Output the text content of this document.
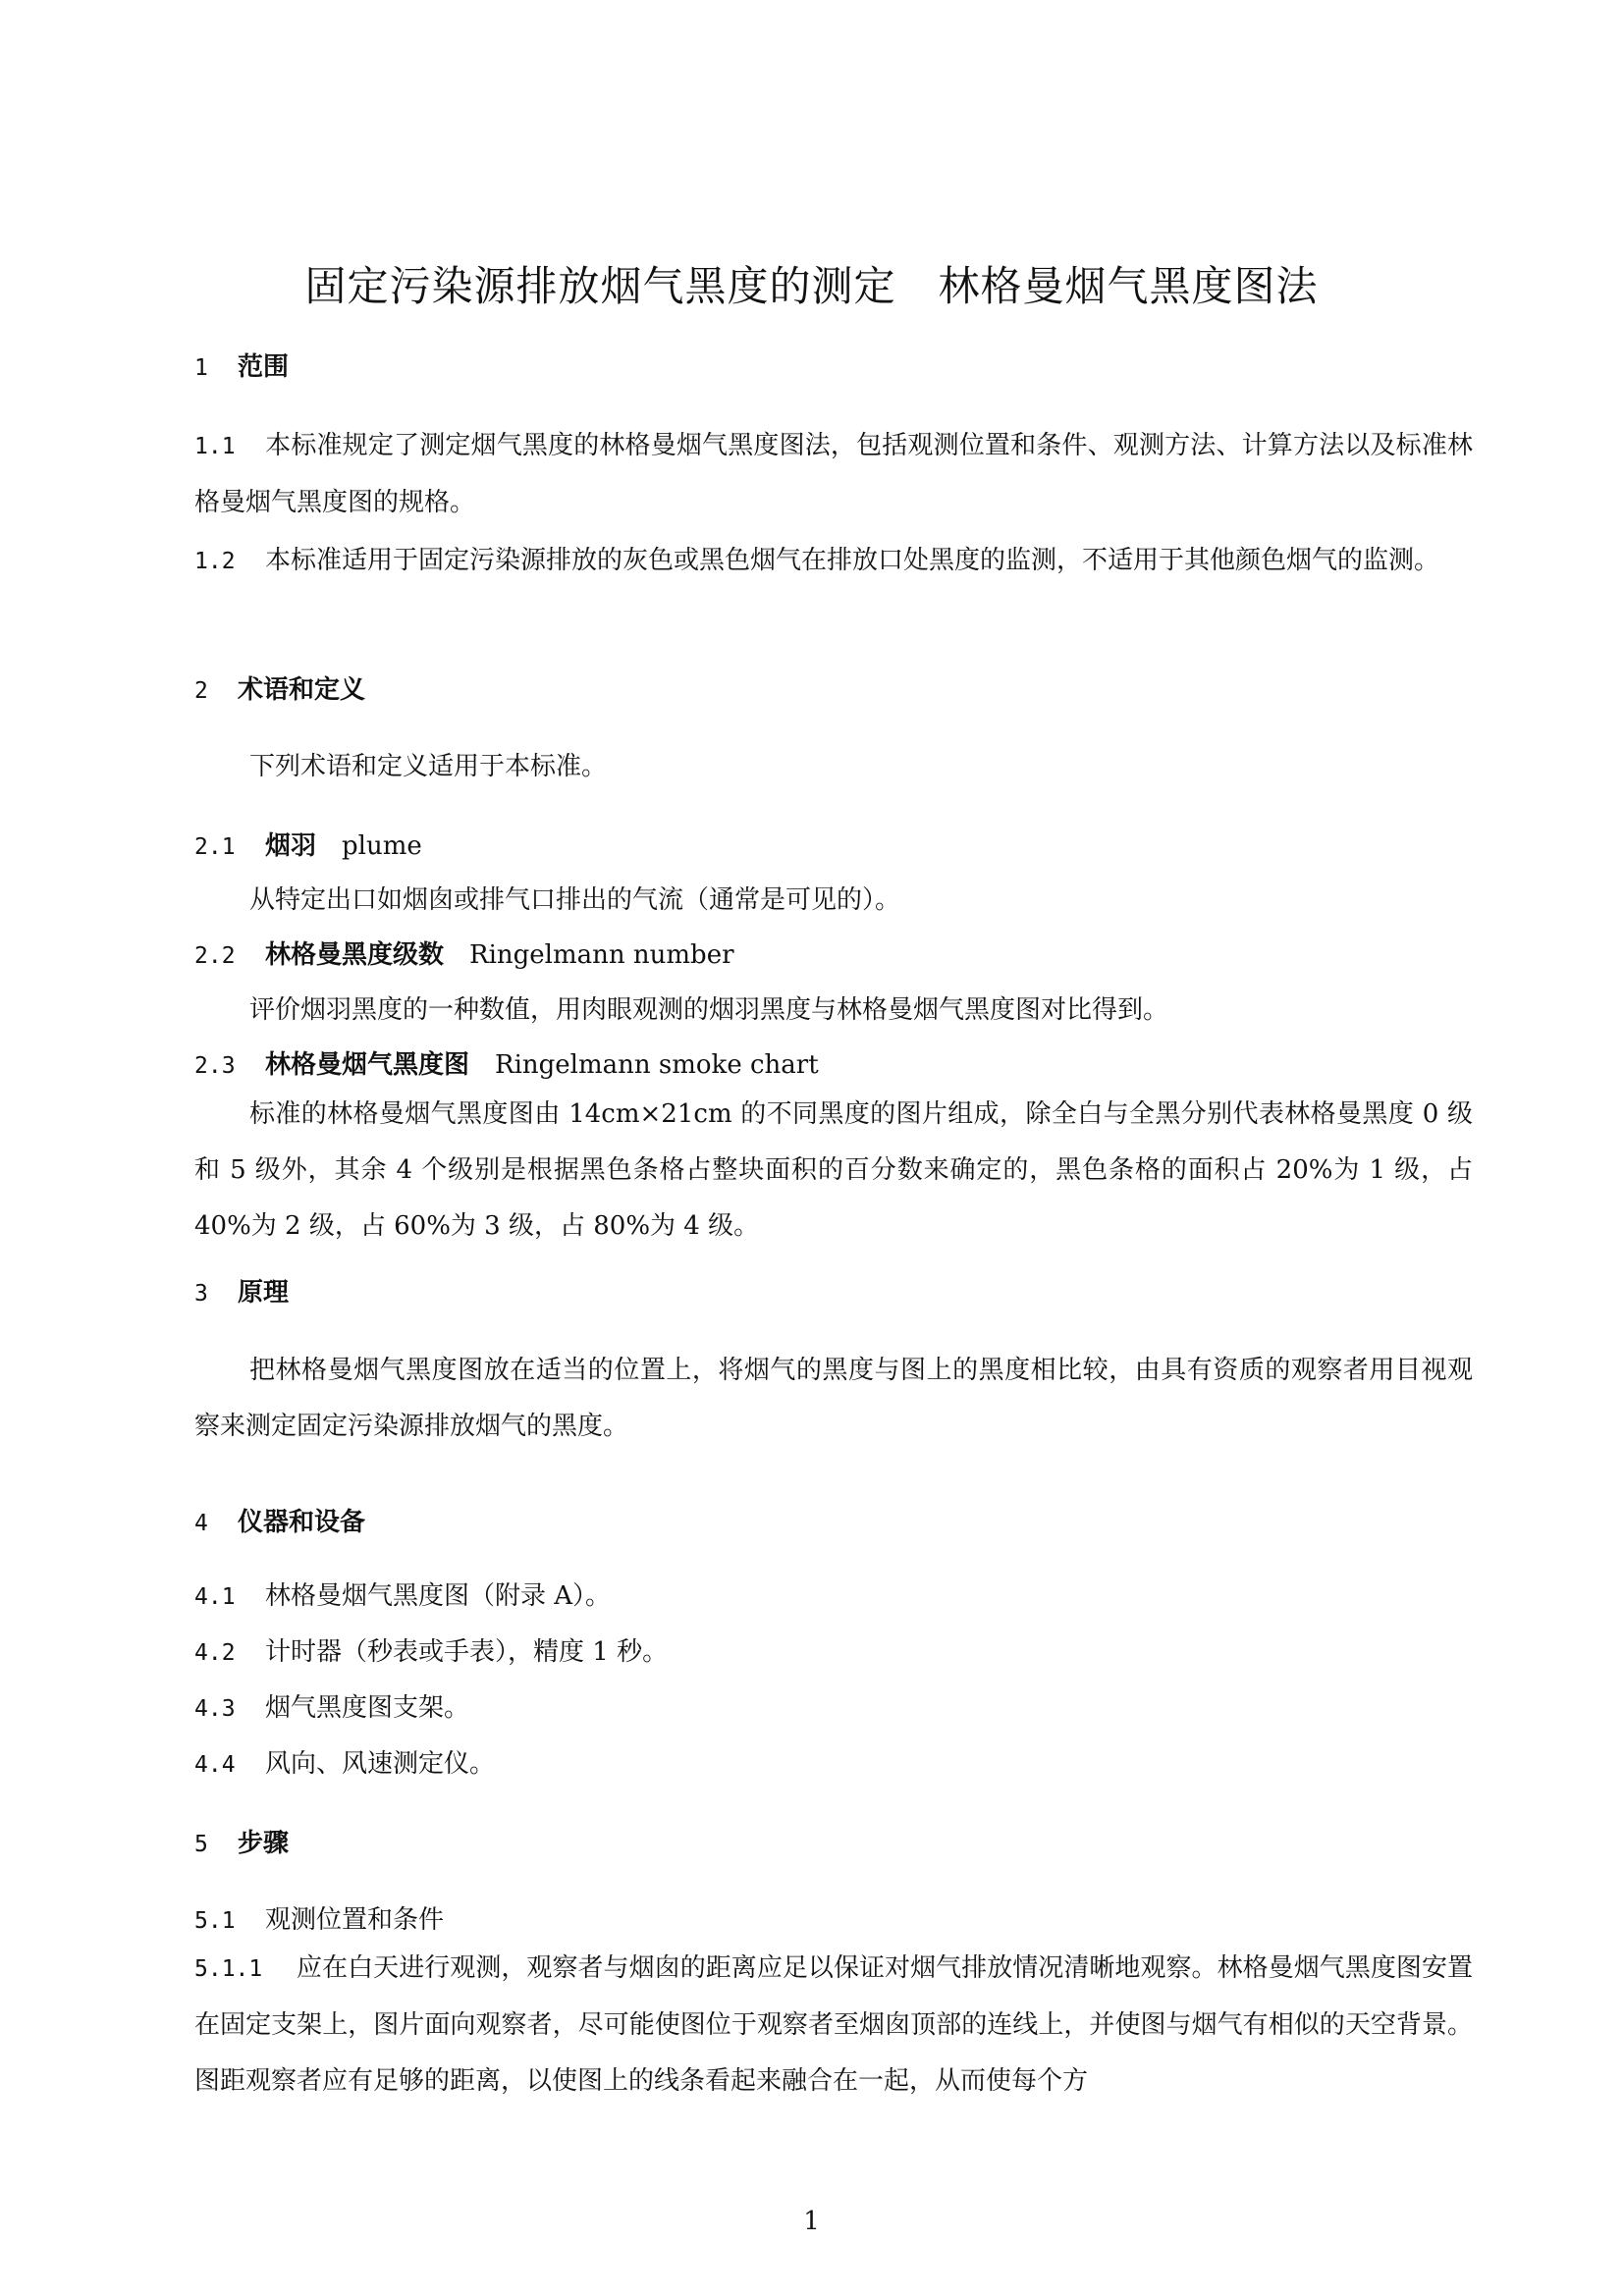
固定污染源排放烟气黑度的测定　林格曼烟气黑度图法
1 范围
1.1 本标准规定了测定烟气黑度的林格曼烟气黑度图法，包括观测位置和条件、观测方法、计算方法以及标准林格曼烟气黑度图的规格。
1.2 本标准适用于固定污染源排放的灰色或黑色烟气在排放口处黑度的监测，不适用于其他颜色烟气的监测。
2 术语和定义
下列术语和定义适用于本标准。
2.1 烟羽 plume
从特定出口如烟囱或排气口排出的气流（通常是可见的）。
2.2 林格曼黑度级数 Ringelmann number
评价烟羽黑度的一种数值，用肉眼观测的烟羽黑度与林格曼烟气黑度图对比得到。
2.3 林格曼烟气黑度图 Ringelmann smoke chart
标准的林格曼烟气黑度图由 14cm×21cm 的不同黑度的图片组成，除全白与全黑分别代表林格曼黑度 0 级和 5 级外，其余 4 个级别是根据黑色条格占整块面积的百分数来确定的，黑色条格的面积占 20%为 1 级，占 40%为 2 级，占 60%为 3 级，占 80%为 4 级。
3 原理
把林格曼烟气黑度图放在适当的位置上，将烟气的黑度与图上的黑度相比较，由具有资质的观察者用目视观察来测定固定污染源排放烟气的黑度。
4 仪器和设备
4.1 林格曼烟气黑度图（附录 A）。
4.2 计时器（秒表或手表），精度 1 秒。
4.3 烟气黑度图支架。
4.4 风向、风速测定仪。
5 步骤
5.1 观测位置和条件
5.1.1 应在白天进行观测，观察者与烟囱的距离应足以保证对烟气排放情况清晰地观察。林格曼烟气黑度图安置在固定支架上，图片面向观察者，尽可能使图位于观察者至烟囱顶部的连线上，并使图与烟气有相似的天空背景。图距观察者应有足够的距离，以使图上的线条看起来融合在一起，从而使每个方
1
